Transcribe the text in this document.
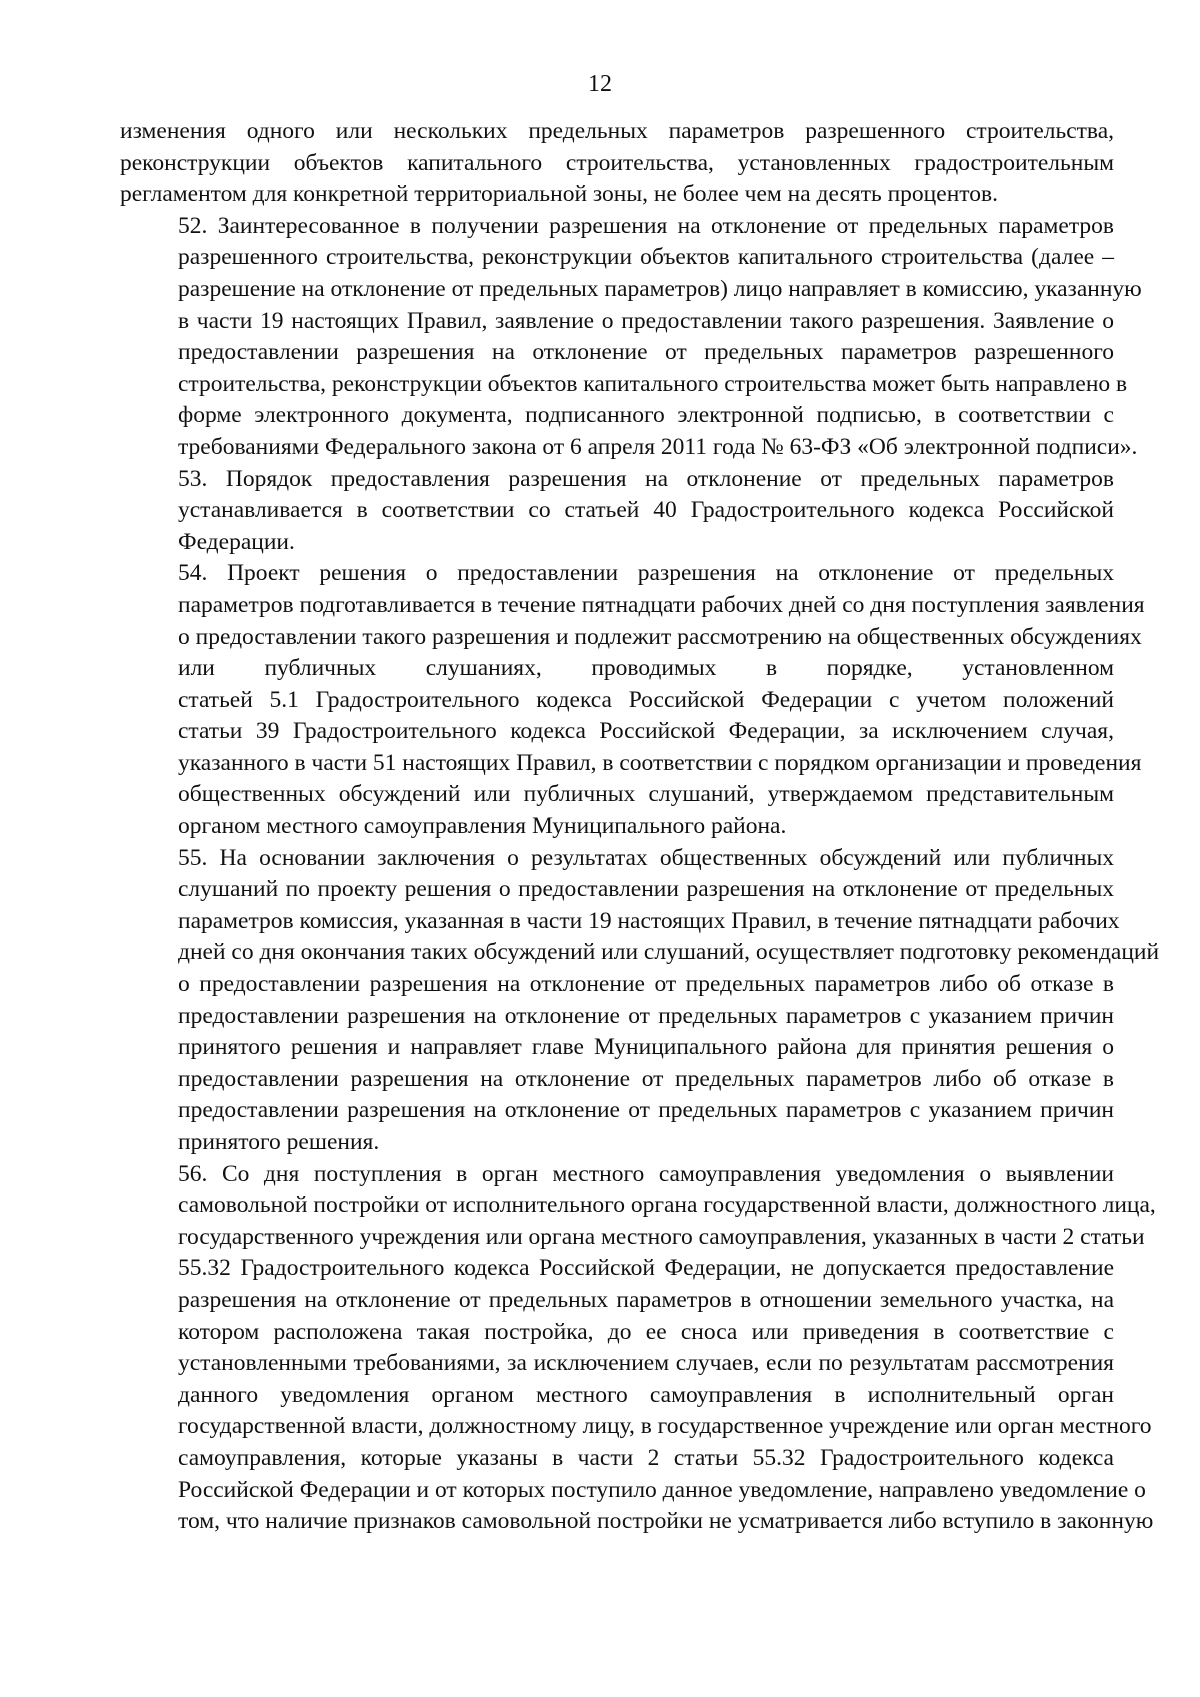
12

изменения одного или нескольких предельных параметров разрешенного строительства,
реконструкции объектов капитального строительства, установленных градостроительным
регламентом для конкретной территориальной зоны, не более чем на десять процентов.

52. Заинтересованное в получении разрешения на отклонение от предельных параметров
разрешенного строительства, реконструкции объектов капитального строительства (далее –
разрешение на отклонение от предельных параметров) лицо направляет в комиссию, указанную
в части 19 настоящих Правил, заявление о предоставлении такого разрешения. Заявление о
предоставлении разрешения на отклонение от предельных параметров разрешенного
строительства, реконструкции объектов капитального строительства может быть направлено в
форме электронного документа, подписанного электронной подписью, в соответствии с
требованиями Федерального закона от 6 апреля 2011 года № 63-ФЗ «Об электронной подписи».

53. Порядок предоставления разрешения на отклонение от предельных параметров
устанавливается в соответствии со статьей 40 Градостроительного кодекса Российской
Федерации.

54. Проект решения о предоставлении разрешения на отклонение от предельных
параметров подготавливается в течение пятнадцати рабочих дней со дня поступления заявления
о предоставлении такого разрешения и подлежит рассмотрению на общественных обсуждениях
или публичных слушаниях, проводимых в порядке, установленном
статьей 5.1 Градостроительного кодекса Российской Федерации с учетом положений
статьи 39 Градостроительного кодекса Российской Федерации, за исключением случая,
указанного в части 51 настоящих Правил, в соответствии с порядком организации и проведения
общественных обсуждений или публичных слушаний, утверждаемом представительным
органом местного самоуправления Муниципального района.

55. На основании заключения о результатах общественных обсуждений или публичных
слушаний по проекту решения о предоставлении разрешения на отклонение от предельных
параметров комиссия, указанная в части 19 настоящих Правил, в течение пятнадцати рабочих
дней со дня окончания таких обсуждений или слушаний, осуществляет подготовку рекомендаций
о предоставлении разрешения на отклонение от предельных параметров либо об отказе в
предоставлении разрешения на отклонение от предельных параметров с указанием причин
принятого решения и направляет главе Муниципального района для принятия решения о
предоставлении разрешения на отклонение от предельных параметров либо об отказе в
предоставлении разрешения на отклонение от предельных параметров с указанием причин
принятого решения.

56. Со дня поступления в орган местного самоуправления уведомления о выявлении
самовольной постройки от исполнительного органа государственной власти, должностного лица,
государственного учреждения или органа местного самоуправления, указанных в части 2 статьи
55.32 Градостроительного кодекса Российской Федерации, не допускается предоставление
разрешения на отклонение от предельных параметров в отношении земельного участка, на
котором расположена такая постройка, до ее сноса или приведения в соответствие с
установленными требованиями, за исключением случаев, если по результатам рассмотрения
данного уведомления органом местного самоуправления в исполнительный орган
государственной власти, должностному лицу, в государственное учреждение или орган местного
самоуправления, которые указаны в части 2 статьи 55.32 Градостроительного кодекса
Российской Федерации и от которых поступило данное уведомление, направлено уведомление о
том, что наличие признаков самовольной постройки не усматривается либо вступило в законную
